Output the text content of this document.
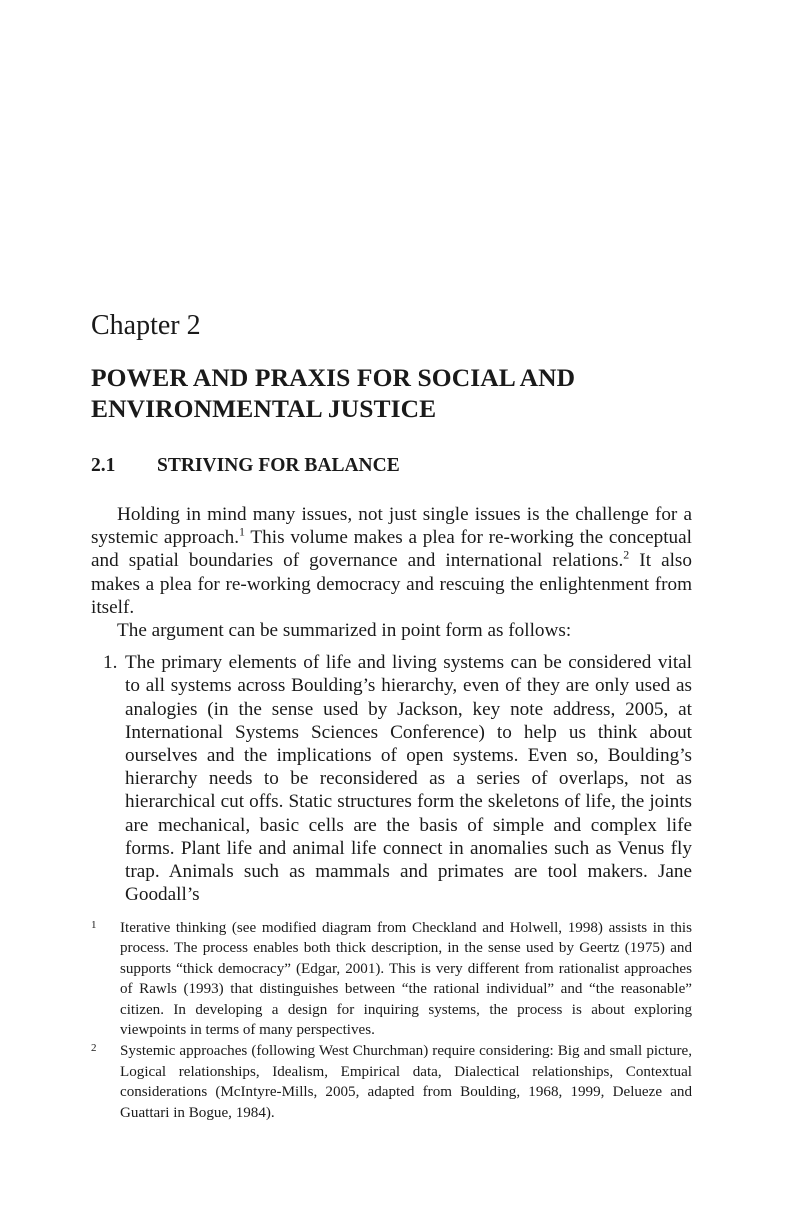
Chapter 2
POWER AND PRAXIS FOR SOCIAL AND ENVIRONMENTAL JUSTICE
2.1 STRIVING FOR BALANCE

Holding in mind many issues, not just single issues is the challenge for a systemic approach.$^1$ This volume makes a plea for re-working the conceptual and spatial boundaries of governance and international relations.$^2$ It also makes a plea for re-working democracy and rescuing the enlightenment from itself.

The argument can be summarized in point form as follows:

1. The primary elements of life and living systems can be considered vital to all systems across Boulding’s hierarchy, even of they are only used as analogies (in the sense used by Jackson, key note address, 2005, at International Systems Sciences Conference) to help us think about ourselves and the implications of open systems. Even so, Boulding’s hierarchy needs to be reconsidered as a series of overlaps, not as hierarchical cut offs. Static structures form the skeletons of life, the joints are mechanical, basic cells are the basis of simple and complex life forms. Plant life and animal life connect in anomalies such as Venus fly trap. Animals such as mammals and primates are tool makers. Jane Goodall’s
1 Iterative thinking (see modified diagram from Checkland and Holwell, 1998) assists in this process. The process enables both thick description, in the sense used by Geertz (1975) and supports “thick democracy” (Edgar, 2001). This is very different from rationalist approaches of Rawls (1993) that distinguishes between “the rational individual” and “the reasonable” citizen. In developing a design for inquiring systems, the process is about exploring viewpoints in terms of many perspectives.
2 Systemic approaches (following West Churchman) require considering: Big and small picture, Logical relationships, Idealism, Empirical data, Dialectical relationships, Contextual considerations (McIntyre-Mills, 2005, adapted from Boulding, 1968, 1999, Delueze and Guattari in Bogue, 1984).
